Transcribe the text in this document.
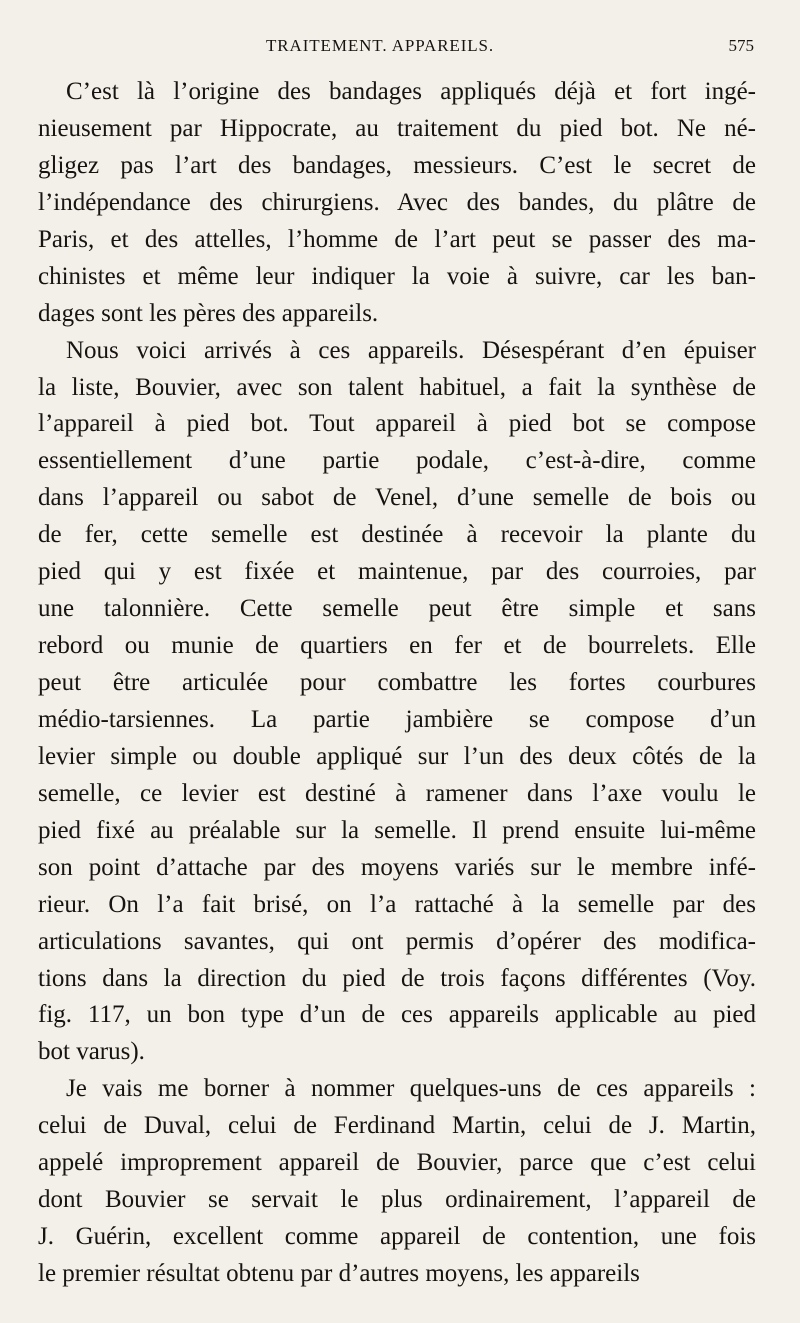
TRAITEMENT. APPAREILS.	575
C’est là l’origine des bandages appliqués déjà et fort ingé-
nieusement par Hippocrate, au traitement du pied bot. Ne né-
gligez pas l’art des bandages, messieurs. C’est le secret de
l’indépendance des chirurgiens. Avec des bandes, du plâtre de
Paris, et des attelles, l’homme de l’art peut se passer des ma-
chinistes et même leur indiquer la voie à suivre, car les ban-
dages sont les pères des appareils.
Nous voici arrivés à ces appareils. Désespérant d’en épuiser
la liste, Bouvier, avec son talent habituel, a fait la synthèse de
l’appareil à pied bot. Tout appareil à pied bot se compose
essentiellement d’une partie podale, c’est-à-dire, comme
dans l’appareil ou sabot de Venel, d’une semelle de bois ou
de fer, cette semelle est destinée à recevoir la plante du
pied qui y est fixée et maintenue, par des courroies, par
une talonnière. Cette semelle peut être simple et sans
rebord ou munie de quartiers en fer et de bourrelets. Elle
peut être articulée pour combattre les fortes courbures
médio-tarsiennes. La partie jambière se compose d’un
levier simple ou double appliqué sur l’un des deux côtés de la
semelle, ce levier est destiné à ramener dans l’axe voulu le
pied fixé au préalable sur la semelle. Il prend ensuite lui-même
son point d’attache par des moyens variés sur le membre infé-
rieur. On l’a fait brisé, on l’a rattaché à la semelle par des
articulations savantes, qui ont permis d’opérer des modifica-
tions dans la direction du pied de trois façons différentes (Voy.
fig. 117, un bon type d’un de ces appareils applicable au pied
bot varus).
Je vais me borner à nommer quelques-uns de ces appareils :
celui de Duval, celui de Ferdinand Martin, celui de J. Martin,
appelé improprement appareil de Bouvier, parce que c’est celui
dont Bouvier se servait le plus ordinairement, l’appareil de
J. Guérin, excellent comme appareil de contention, une fois
le premier résultat obtenu par d’autres moyens, les appareils
